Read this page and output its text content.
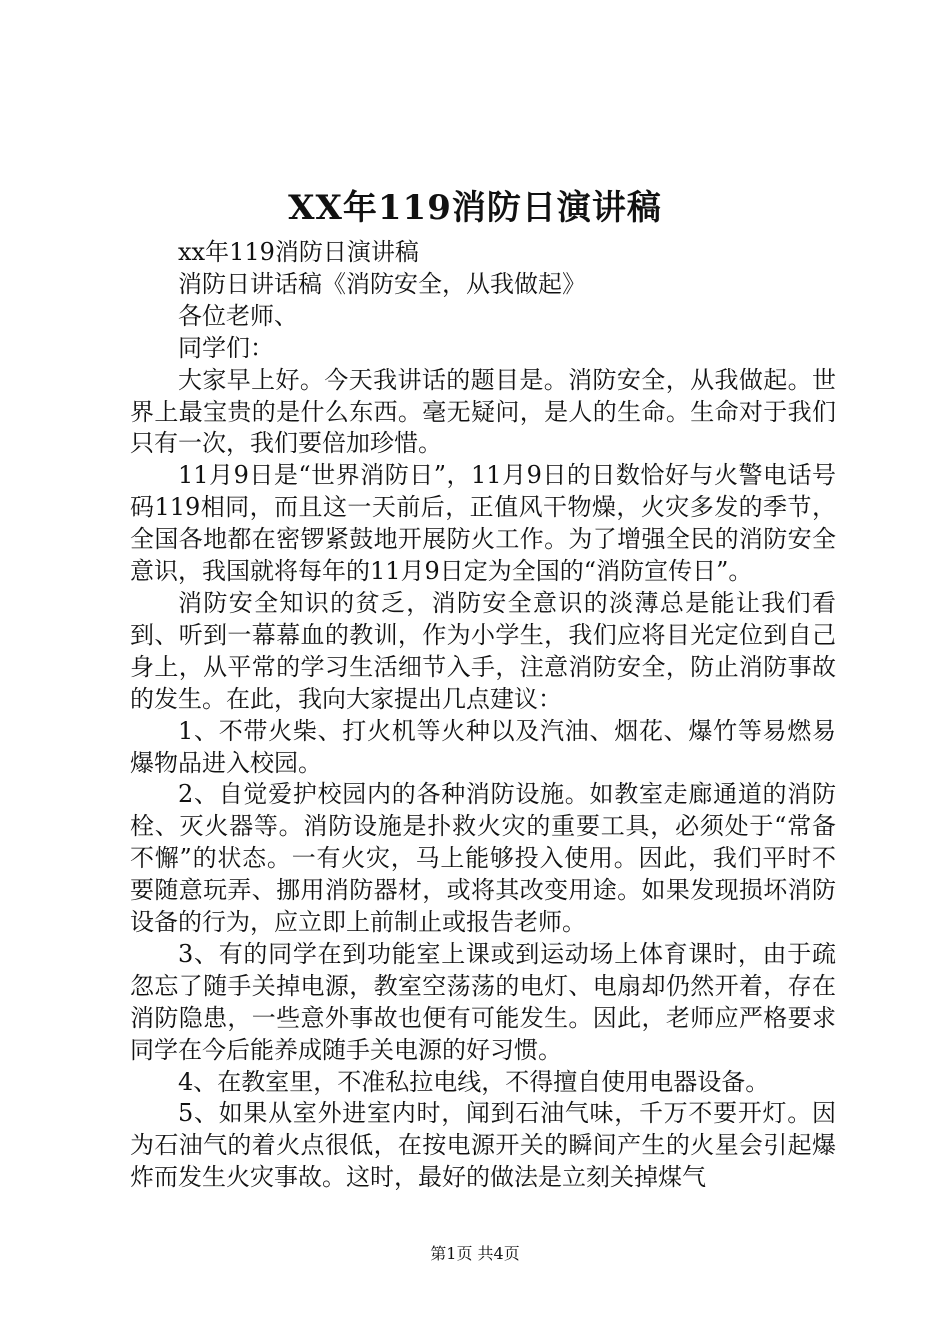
XX年119消防日演讲稿

xx年119消防日演讲稿

消防日讲话稿《消防安全，从我做起》

各位老师、

同学们：

大家早上好。今天我讲话的题目是。消防安全，从我做起。世界上最宝贵的是什么东西。毫无疑问，是人的生命。生命对于我们只有一次，我们要倍加珍惜。

11月9日是“世界消防日”，11月9日的日数恰好与火警电话号码119相同，而且这一天前后，正值风干物燥，火灾多发的季节，全国各地都在密锣紧鼓地开展防火工作。为了增强全民的消防安全意识，我国就将每年的11月9日定为全国的“消防宣传日”。

消防安全知识的贫乏，消防安全意识的淡薄总是能让我们看到、听到一幕幕血的教训，作为小学生，我们应将目光定位到自己身上，从平常的学习生活细节入手，注意消防安全，防止消防事故的发生。在此，我向大家提出几点建议：

1、不带火柴、打火机等火种以及汽油、烟花、爆竹等易燃易爆物品进入校园。

2、自觉爱护校园内的各种消防设施。如教室走廊通道的消防栓、灭火器等。消防设施是扑救火灾的重要工具，必须处于“常备不懈”的状态。一有火灾，马上能够投入使用。因此，我们平时不要随意玩弄、挪用消防器材，或将其改变用途。如果发现损坏消防设备的行为，应立即上前制止或报告老师。

3、有的同学在到功能室上课或到运动场上体育课时，由于疏忽忘了随手关掉电源，教室空荡荡的电灯、电扇却仍然开着，存在消防隐患，一些意外事故也便有可能发生。因此，老师应严格要求同学在今后能养成随手关电源的好习惯。

4、在教室里，不准私拉电线，不得擅自使用电器设备。

5、如果从室外进室内时，闻到石油气味，千万不要开灯。因为石油气的着火点很低，在按电源开关的瞬间产生的火星会引起爆炸而发生火灾事故。这时，最好的做法是立刻关掉煤气

第1页 共4页
